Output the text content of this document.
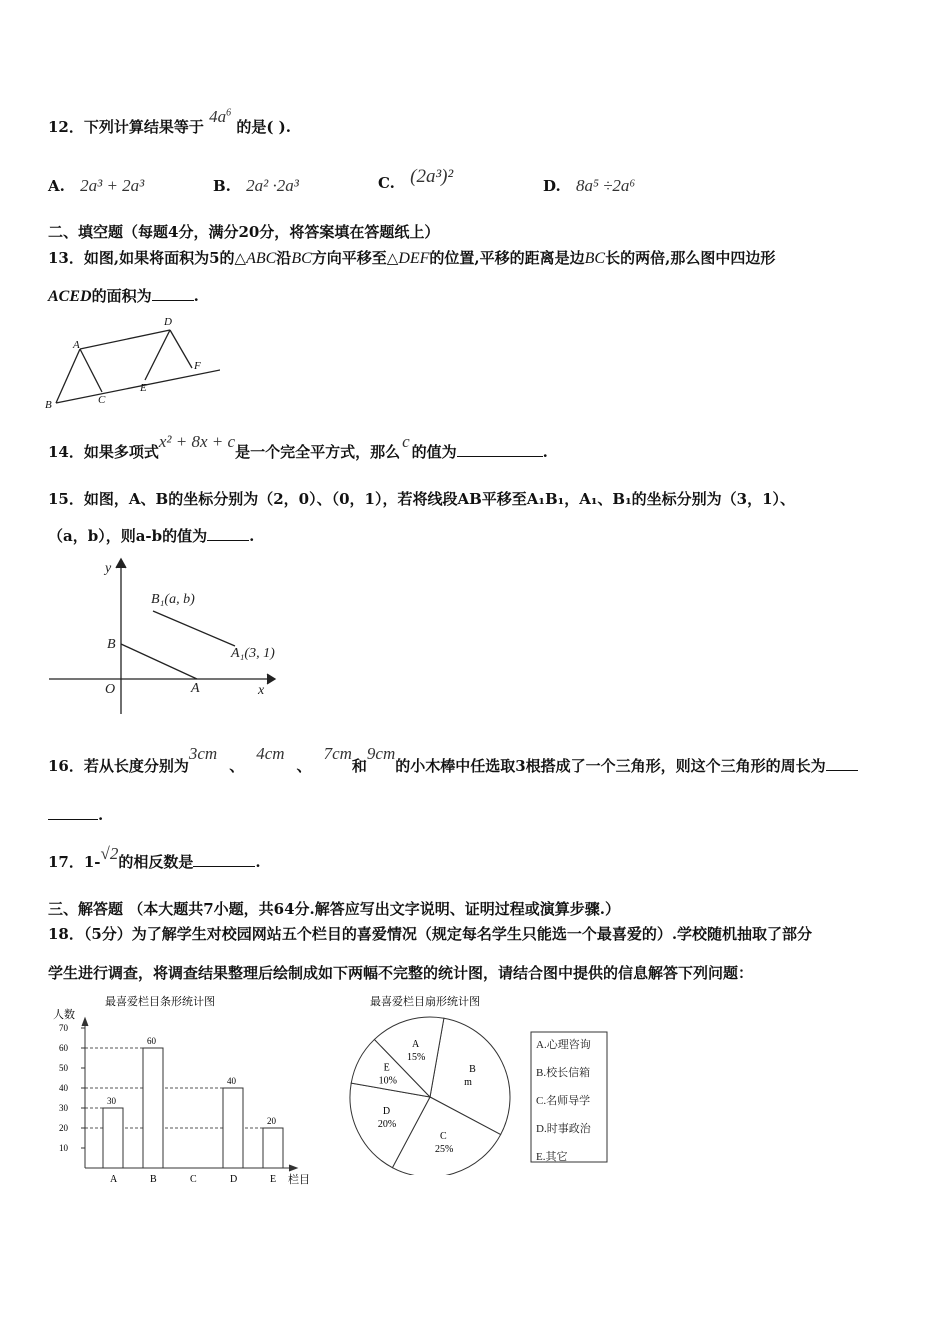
12．下列计算结果等于 $4a^6$ 的是( ).
A. 2a³ + 2a³	B. 2a² ·2a³	C. (2a³)²	D. 8a⁵ ÷2a⁶
二、填空题（每题4分，满分20分，将答案填在答题纸上）
13．如图,如果将面积为5的△ABC沿BC方向平移至△DEF的位置,平移的距离是边BC长的两倍,那么图中四边形
ACED的面积为	.
A
D
B	C
E
F
14．如果多项式x² + 8x + c是一个完全平方式，那么c的值为	.
15．如图，A、B的坐标分别为（2，0）、（0，1），若将线段AB平移至A₁B₁，A₁、B₁的坐标分别为（3，1）、
（a，b），则a-b的值为	.
y
x
O	A
B
B₁(a, b)
A₁(3, 1)
16．若从长度分别为3cm、4cm、7cm和9cm的小木棒中任选取3根搭成了一个三角形，则这个三角形的周长为
.
17．1-√2的相反数是	.
三、解答题 （本大题共7小题，共64分.解答应写出文字说明、证明过程或演算步骤.）
18．（5分）为了解学生对校园网站五个栏目的喜爱情况（规定每名学生只能选一个最喜爱的）.学校随机抽取了部分
学生进行调查，将调查结果整理后绘制成如下两幅不完整的统计图，请结合图中提供的信息解答下列问题：
最喜爱栏目条形统计图
人数
栏目
10
20
30
40
50
60
70
30
60
40
20
A	B	C	D	E
最喜爱栏目扇形统计图
B
m
C
25%
D
20%
E
10%
A
15%
A.心理咨询
B.校长信箱
C.名师导学
D.时事政治
E.其它
